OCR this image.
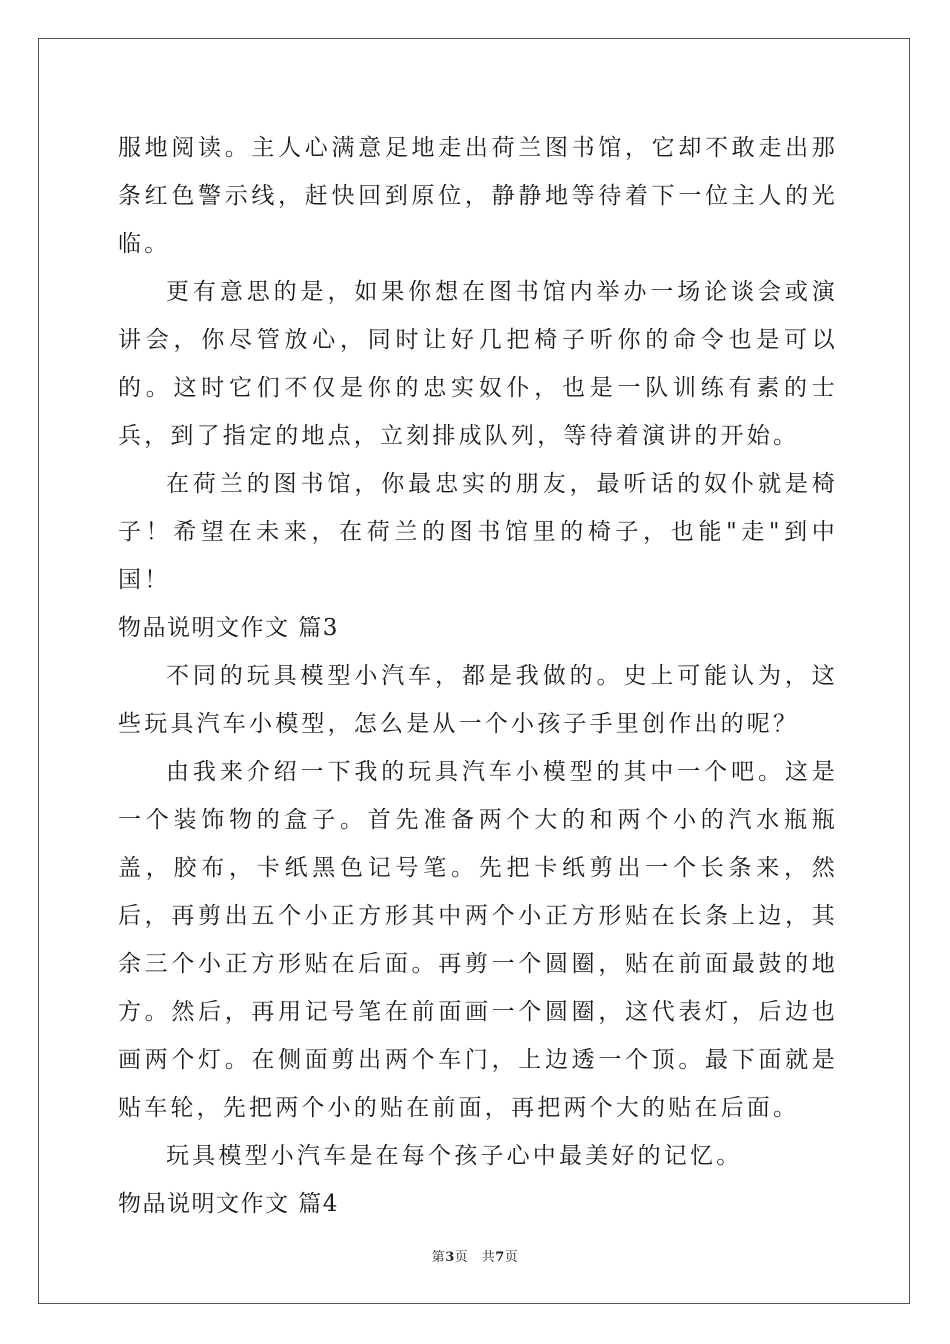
服地阅读。主人心满意足地走出荷兰图书馆，它却不敢走出那条红色警示线，赶快回到原位，静静地等待着下一位主人的光临。

更有意思的是，如果你想在图书馆内举办一场论谈会或演讲会，你尽管放心，同时让好几把椅子听你的命令也是可以的。这时它们不仅是你的忠实奴仆，也是一队训练有素的士兵，到了指定的地点，立刻排成队列，等待着演讲的开始。

在荷兰的图书馆，你最忠实的朋友，最听话的奴仆就是椅子！希望在未来，在荷兰的图书馆里的椅子，也能"走"到中国！

物品说明文作文 篇3

不同的玩具模型小汽车，都是我做的。史上可能认为，这些玩具汽车小模型，怎么是从一个小孩子手里创作出的呢？

由我来介绍一下我的玩具汽车小模型的其中一个吧。这是一个装饰物的盒子。首先准备两个大的和两个小的汽水瓶瓶盖，胶布，卡纸黑色记号笔。先把卡纸剪出一个长条来，然后，再剪出五个小正方形其中两个小正方形贴在长条上边，其余三个小正方形贴在后面。再剪一个圆圈，贴在前面最鼓的地方。然后，再用记号笔在前面画一个圆圈，这代表灯，后边也画两个灯。在侧面剪出两个车门，上边透一个顶。最下面就是贴车轮，先把两个小的贴在前面，再把两个大的贴在后面。

玩具模型小汽车是在每个孩子心中最美好的记忆。

物品说明文作文 篇4

第3页　共7页
